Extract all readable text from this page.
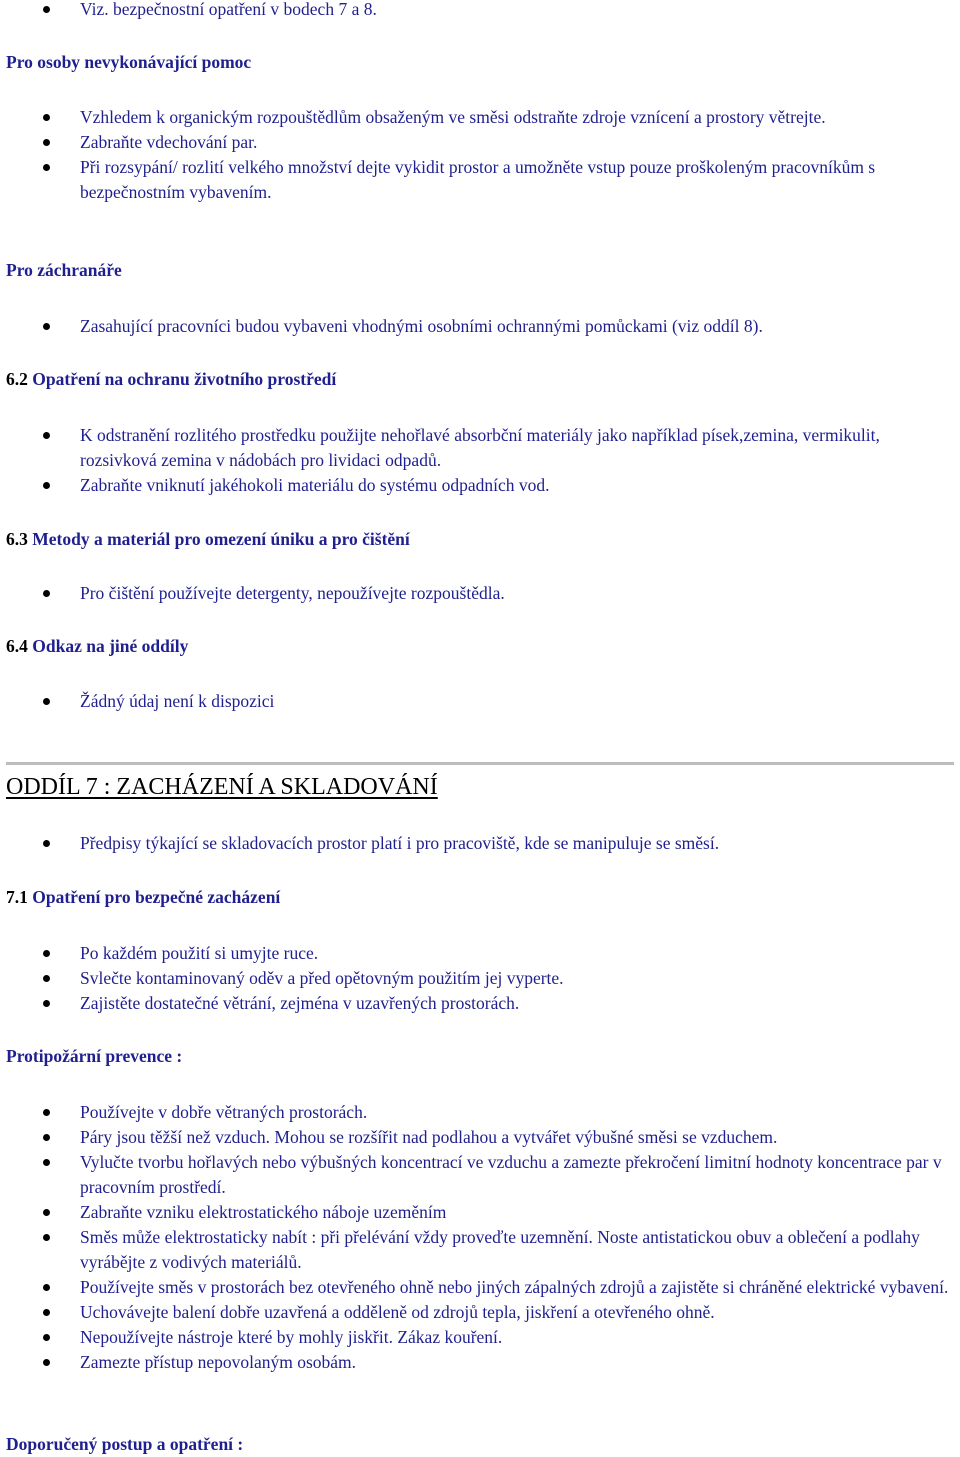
Viz. bezpečnostní opatření v bodech 7 a 8.

Pro osoby nevykonávající pomoc

Vzhledem k organickým rozpouštědlům obsaženým ve směsi odstraňte zdroje vznícení a prostory větrejte.
Zabraňte vdechování par.
Při rozsypání/ rozlití velkého množství dejte vykidit prostor a umožněte vstup pouze proškoleným pracovníkům s bezpečnostním vybavením.

Pro záchranáře

Zasahující pracovníci budou vybaveni vhodnými osobními ochrannými pomůckami (viz oddíl 8).

6.2 Opatření na ochranu životního prostředí

K odstranění rozlitého prostředku použijte nehořlavé absorbční materiály jako například písek,zemina, vermikulit, rozsivková zemina v nádobách pro lividaci odpadů.
Zabraňte vniknutí jakéhokoli materiálu do systému odpadních vod.

6.3 Metody a materiál pro omezení úniku a pro čištění

Pro čištění používejte detergenty, nepoužívejte rozpouštědla.

6.4 Odkaz na jiné oddíly

Žádný údaj není k dispozici
ODDÍL 7 : ZACHÁZENÍ A SKLADOVÁNÍ
Předpisy týkající se skladovacích prostor platí i pro pracoviště, kde se manipuluje se směsí.

7.1 Opatření pro bezpečné zacházení

Po každém použití si umyjte ruce.
Svlečte kontaminovaný oděv a před opětovným použitím jej vyperte.
Zajistěte dostatečné větrání, zejména v uzavřených prostorách.

Protipožární prevence :

Používejte v dobře větraných prostorách.
Páry jsou těžší než vzduch. Mohou se rozšířit nad podlahou a vytvářet výbušné směsi se vzduchem.
Vylučte tvorbu hořlavých nebo výbušných koncentrací ve vzduchu a zamezte překročení limitní hodnoty koncentrace par v pracovním prostředí.
Zabraňte vzniku elektrostatického náboje uzeměním
Směs může elektrostaticky nabít : při přelévání vždy proveďte uzemnění. Noste antistatickou obuv a oblečení a podlahy vyrábějte z vodivých materiálů.
Používejte směs v prostorách bez otevřeného ohně nebo jiných zápalných zdrojů a zajistěte si chráněné elektrické vybavení.
Uchovávejte balení dobře uzavřená a odděleně od zdrojů tepla, jiskření a otevřeného ohně.
Nepoužívejte nástroje které by mohly jiskřit. Zákaz kouření.
Zamezte přístup nepovolaným osobám.

Doporučený postup a opatření :
